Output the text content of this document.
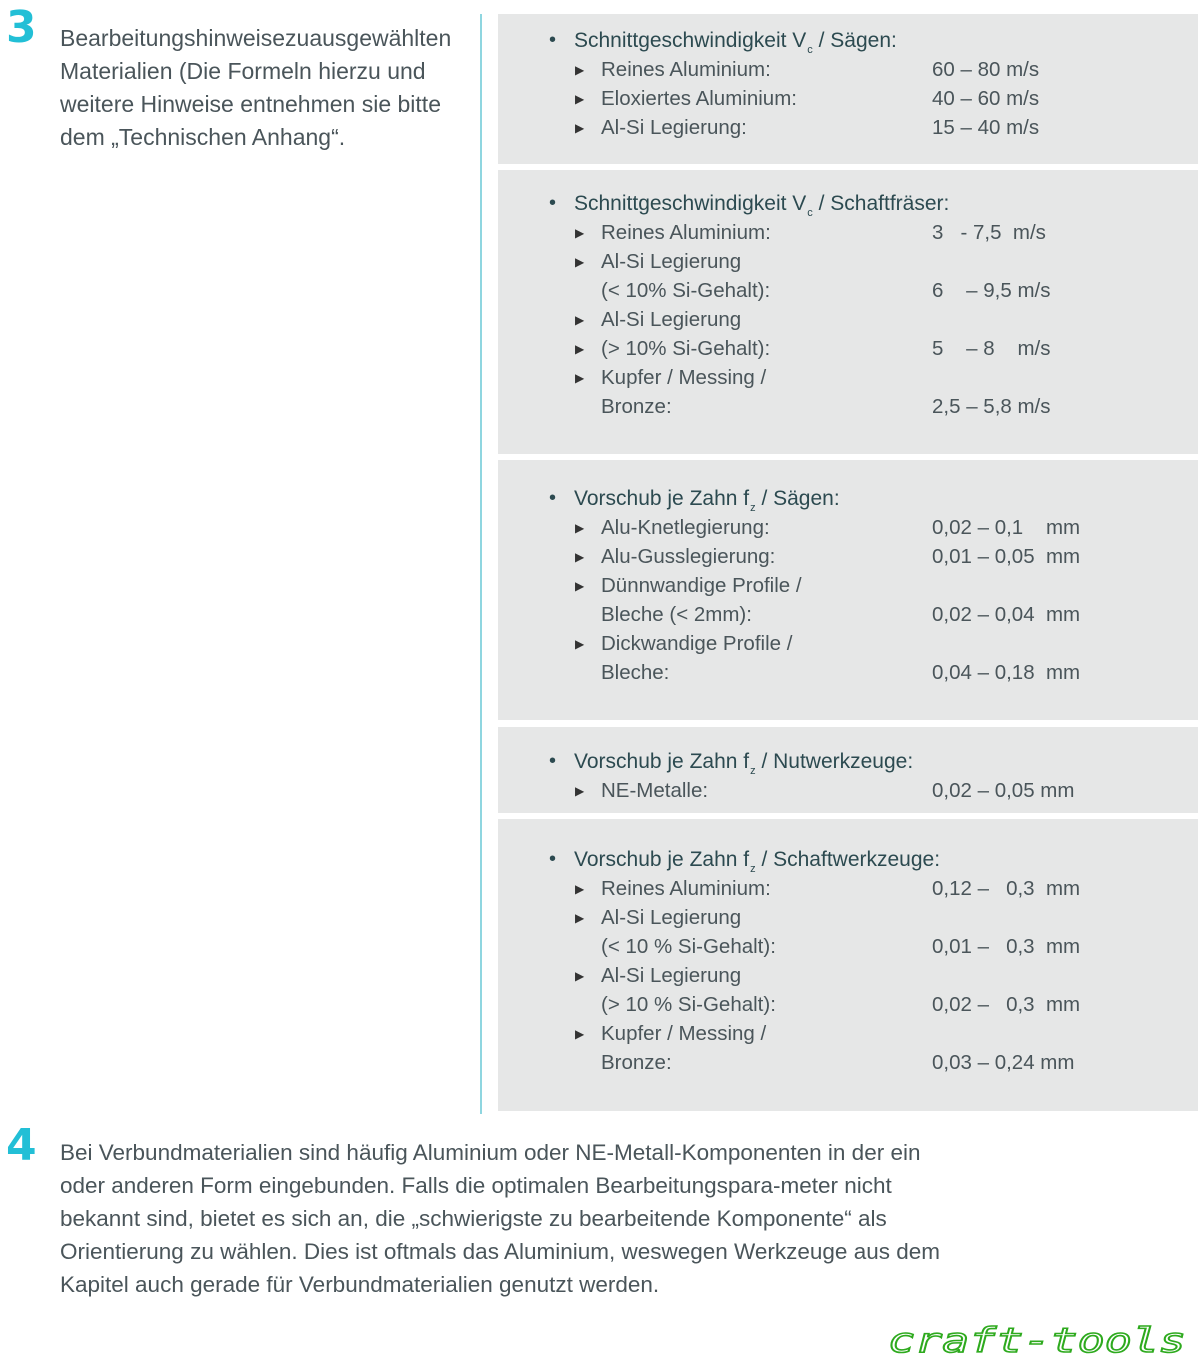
3 Bearbeitungshinweisezuausgewählten Materialien (Die Formeln hierzu und weitere Hinweise entnehmen sie bitte dem „Technischen Anhang“.
• Schnittgeschwindigkeit $V_c$ / Sägen:
▶ Reines Aluminium:	60 – 80 m/s
▶ Eloxiertes Aluminium:	40 – 60 m/s
▶ Al-Si Legierung:	15 – 40 m/s
• Schnittgeschwindigkeit $V_c$ / Schaftfräser:
▶ Reines Aluminium:	3   - 7,5  m/s
▶ Al-Si Legierung
(< 10% Si-Gehalt):	6    – 9,5 m/s
▶ Al-Si Legierung
▶ (> 10% Si-Gehalt):	5    – 8    m/s
▶ Kupfer / Messing /
Bronze:	2,5 – 5,8 m/s
• Vorschub je Zahn $f_z$ / Sägen:
▶ Alu-Knetlegierung:	0,02 – 0,1    mm
▶ Alu-Gusslegierung:	0,01 – 0,05  mm
▶ Dünnwandige Profile /
Bleche (< 2mm):	0,02 – 0,04  mm
▶ Dickwandige Profile /
Bleche:	0,04 – 0,18  mm
• Vorschub je Zahn $f_z$ / Nutwerkzeuge:
▶ NE-Metalle:	0,02 – 0,05 mm
• Vorschub je Zahn $f_z$ / Schaftwerkzeuge:
▶ Reines Aluminium:	0,12 –   0,3  mm
▶ Al-Si Legierung
(< 10 % Si-Gehalt):	0,01 –   0,3  mm
▶ Al-Si Legierung
(> 10 % Si-Gehalt):	0,02 –   0,3  mm
▶ Kupfer / Messing /
Bronze:	0,03 – 0,24 mm
4 Bei Verbundmaterialien sind häufig Aluminium oder NE-Metall-Komponenten in der ein oder anderen Form eingebunden. Falls die optimalen Bearbeitungspara-meter nicht bekannt sind, bietet es sich an, die „schwierigste zu bearbeitende Komponente“ als Orientierung zu wählen. Dies ist oftmals das Aluminium, weswegen Werkzeuge aus dem Kapitel auch gerade für Verbundmaterialien genutzt werden.
craft-tools
